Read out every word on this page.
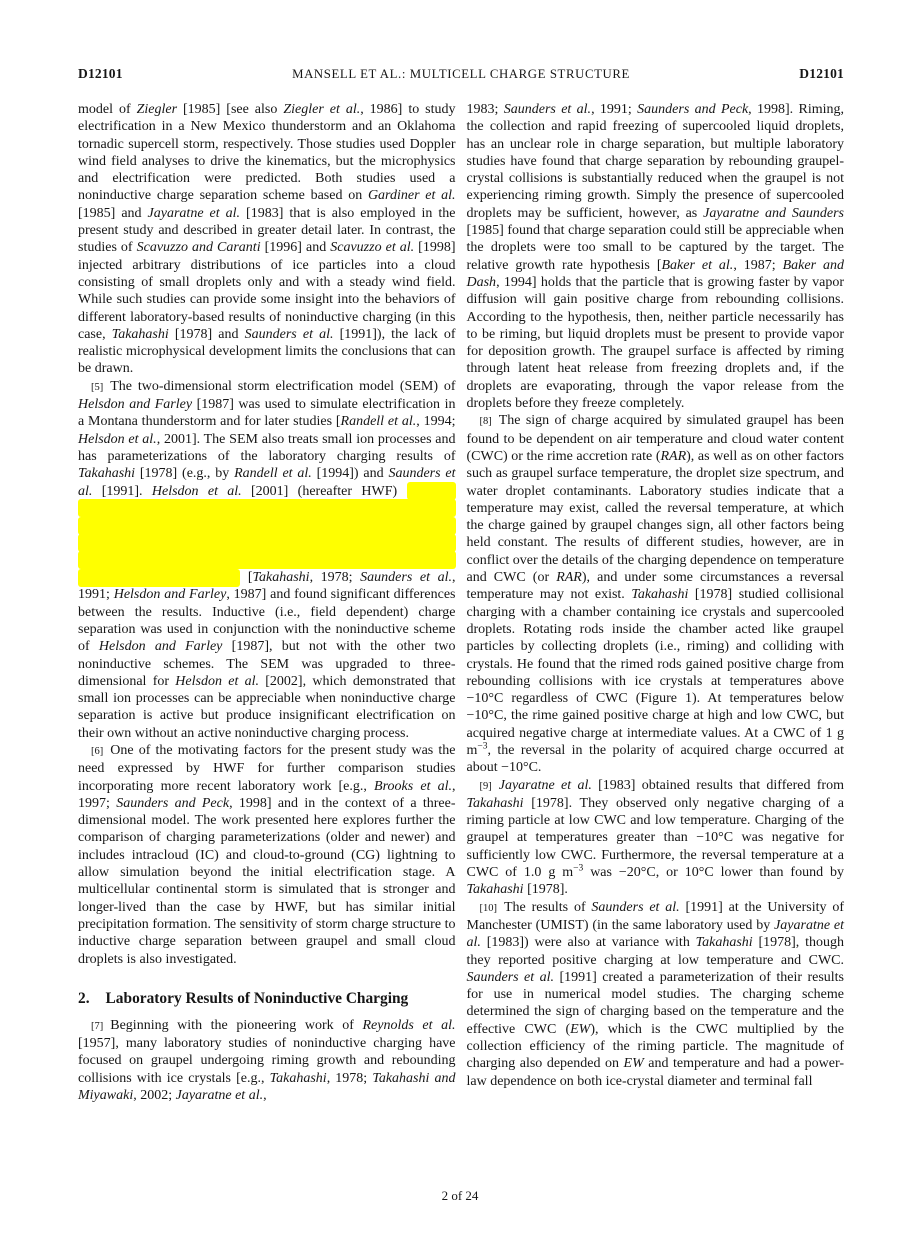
D12101	MANSELL ET AL.: MULTICELL CHARGE STRUCTURE	D12101

model of Ziegler [1985] [see also Ziegler et al., 1986] to study electrification in a New Mexico thunderstorm and an Oklahoma tornadic supercell storm, respectively. Those studies used Doppler wind field analyses to drive the kinematics, but the microphysics and electrification were predicted. Both studies used a noninductive charge separation scheme based on Gardiner et al. [1985] and Jayaratne et al. [1983] that is also employed in the present study and described in greater detail later. In contrast, the studies of Scavuzzo and Caranti [1996] and Scavuzzo et al. [1998] injected arbitrary distributions of ice particles into a cloud consisting of small droplets only and with a steady wind field. While such studies can provide some insight into the behaviors of different laboratory-based results of noninductive charging (in this case, Takahashi [1978] and Saunders et al. [1991]), the lack of realistic microphysical development limits the conclusions that can be drawn.

[5]  The two-dimensional storm electrification model (SEM) of Helsdon and Farley [1987] was used to simulate electrification in a Montana thunderstorm and for later studies [Randell et al., 1994; Helsdon et al., 2001]. The SEM also treats small ion processes and has parameterizations of the laboratory charging results of Takahashi [1978] (e.g., by Randell et al. [1994]) and Saunders et al. [1991]. Helsdon et al. [2001] (hereafter HWF) [Takahashi, 1978; Saunders et al., 1991; Helsdon and Farley, 1987] and found significant differences between the results. Inductive (i.e., field dependent) charge separation was used in conjunction with the noninductive scheme of Helsdon and Farley [1987], but not with the other two noninductive schemes. The SEM was upgraded to three-dimensional for Helsdon et al. [2002], which demonstrated that small ion processes can be appreciable when noninductive charge separation is active but produce insignificant electrification on their own without an active noninductive charging process.

[6]  One of the motivating factors for the present study was the need expressed by HWF for further comparison studies incorporating more recent laboratory work [e.g., Brooks et al., 1997; Saunders and Peck, 1998] and in the context of a three-dimensional model. The work presented here explores further the comparison of charging parameterizations (older and newer) and includes intracloud (IC) and cloud-to-ground (CG) lightning to allow simulation beyond the initial electrification stage. A multicellular continental storm is simulated that is stronger and longer-lived than the case by HWF, but has similar initial precipitation formation. The sensitivity of storm charge structure to inductive charge separation between graupel and small cloud droplets is also investigated.

2. Laboratory Results of Noninductive Charging

[7]  Beginning with the pioneering work of Reynolds et al. [1957], many laboratory studies of noninductive charging have focused on graupel undergoing riming growth and rebounding collisions with ice crystals [e.g., Takahashi, 1978; Takahashi and Miyawaki, 2002; Jayaratne et al.,

1983; Saunders et al., 1991; Saunders and Peck, 1998]. Riming, the collection and rapid freezing of supercooled liquid droplets, has an unclear role in charge separation, but multiple laboratory studies have found that charge separation by rebounding graupel-crystal collisions is substantially reduced when the graupel is not experiencing riming growth. Simply the presence of supercooled droplets may be sufficient, however, as Jayaratne and Saunders [1985] found that charge separation could still be appreciable when the droplets were too small to be captured by the target. The relative growth rate hypothesis [Baker et al., 1987; Baker and Dash, 1994] holds that the particle that is growing faster by vapor diffusion will gain positive charge from rebounding collisions. According to the hypothesis, then, neither particle necessarily has to be riming, but liquid droplets must be present to provide vapor for deposition growth. The graupel surface is affected by riming through latent heat release from freezing droplets and, if the droplets are evaporating, through the vapor release from the droplets before they freeze completely.

[8]  The sign of charge acquired by simulated graupel has been found to be dependent on air temperature and cloud water content (CWC) or the rime accretion rate (RAR), as well as on other factors such as graupel surface temperature, the droplet size spectrum, and water droplet contaminants. Laboratory studies indicate that a temperature may exist, called the reversal temperature, at which the charge gained by graupel changes sign, all other factors being held constant. The results of different studies, however, are in conflict over the details of the charging dependence on temperature and CWC (or RAR), and under some circumstances a reversal temperature may not exist. Takahashi [1978] studied collisional charging with a chamber containing ice crystals and supercooled droplets. Rotating rods inside the chamber acted like graupel particles by collecting droplets (i.e., riming) and colliding with crystals. He found that the rimed rods gained positive charge from rebounding collisions with ice crystals at temperatures above −10°C regardless of CWC (Figure 1). At temperatures below −10°C, the rime gained positive charge at high and low CWC, but acquired negative charge at intermediate values. At a CWC of 1 g $m^{-3}$, the reversal in the polarity of acquired charge occurred at about −10°C.

[9]  Jayaratne et al. [1983] obtained results that differed from Takahashi [1978]. They observed only negative charging of a riming particle at low CWC and low temperature. Charging of the graupel at temperatures greater than −10°C was negative for sufficiently low CWC. Furthermore, the reversal temperature at a CWC of 1.0 g $m^{-3}$ was −20°C, or 10°C lower than found by Takahashi [1978].

[10]  The results of Saunders et al. [1991] at the University of Manchester (UMIST) (in the same laboratory used by Jayaratne et al. [1983]) were also at variance with Takahashi [1978], though they reported positive charging at low temperature and CWC. Saunders et al. [1991] created a parameterization of their results for use in numerical model studies. The charging scheme determined the sign of charging based on the temperature and the effective CWC (EW), which is the CWC multiplied by the collection efficiency of the riming particle. The magnitude of charging also depended on EW and temperature and had a power-law dependence on both ice-crystal diameter and terminal fall

2 of 24
